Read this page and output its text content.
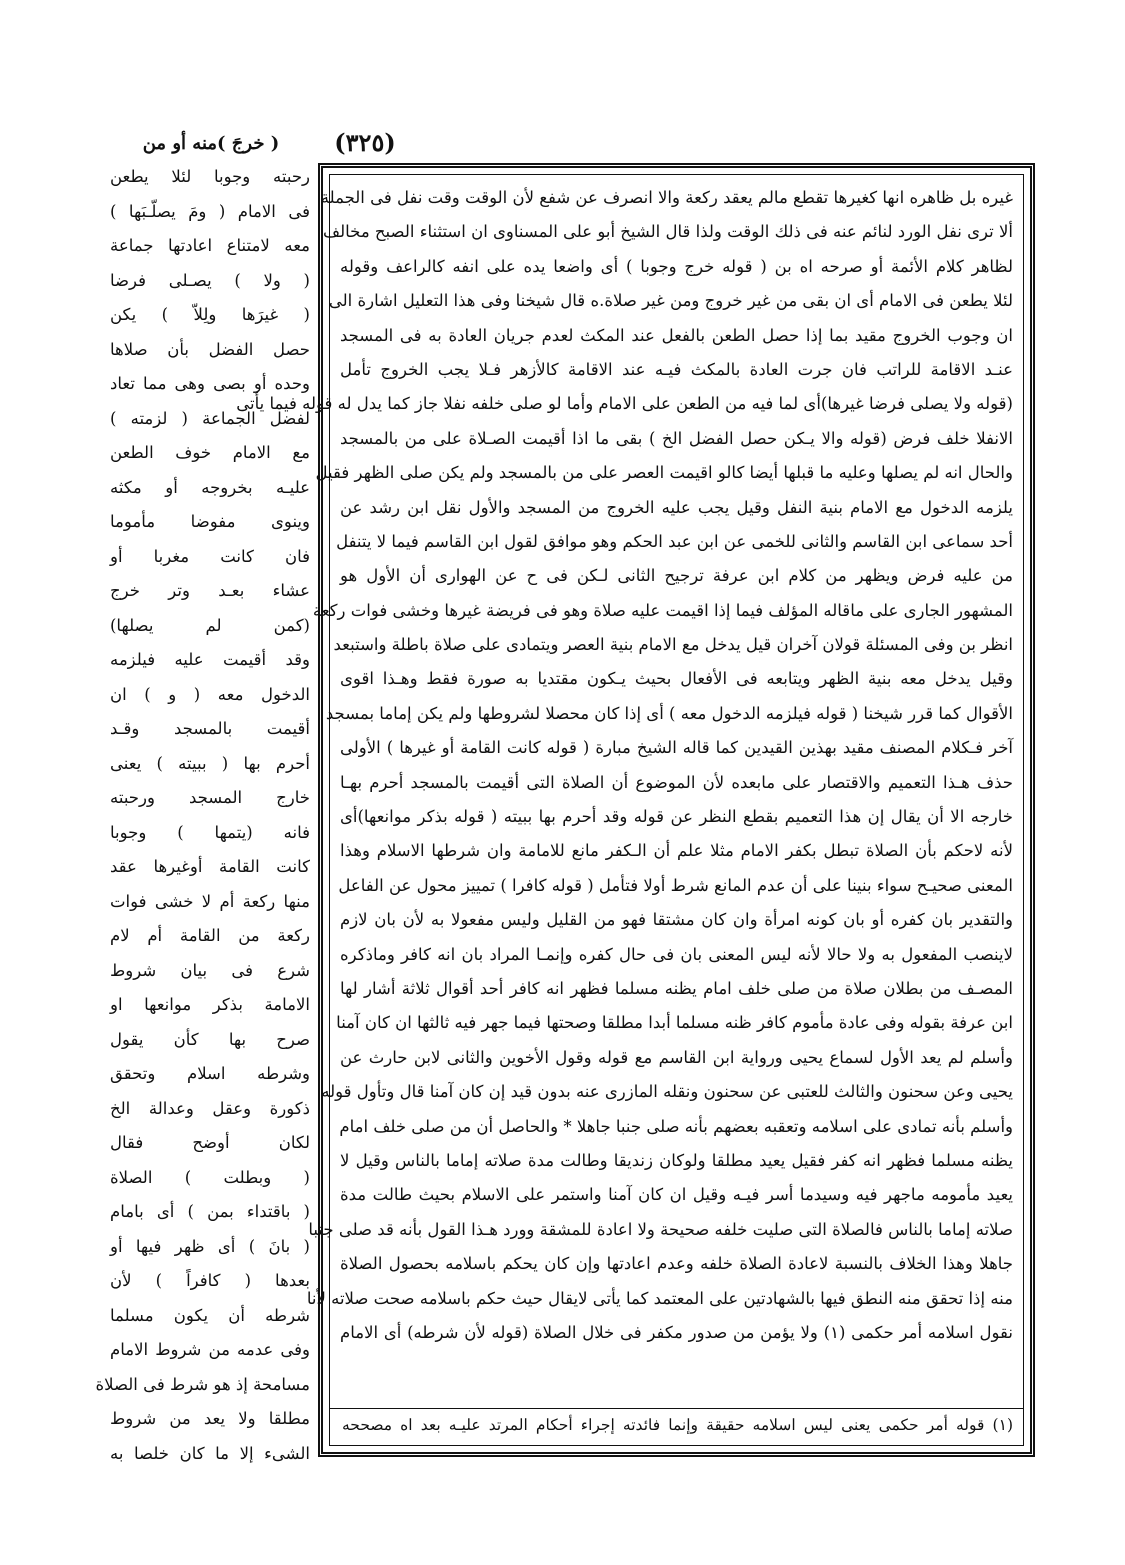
(٣٢٥)
( خرجَ )منه أو من
رحبته وجوبا لئلا يطعن
فى الامام ( ومَ يصلّـبَها )
معه لامتناع اعادتها جماعة
( ولا ) يصـلى فرضا
( غيرَها ولِلاّ ) يكن
حصل الفضل بأن صلاها
وحده أو بصى وهى مما تعاد
لفضل الجماعة ( لزمته )
مع الامام خوف الطعن
عليـه بخروجه أو مكثه
وينوى مفوضا مأموما
فان كانت مغربا أو
عشاء بعـد وتر خرج
(كمن لم يصلها)
وقد أقيمت عليه فيلزمه
الدخول معه ( و ) ان
أقيمت بالمسجد وقـد
أحرم بها ( ببيته ) يعنى
خارج المسجد ورحبته
فانه (يتمها ) وجوبا
كانت القامة أوغيرها عقد
منها ركعة أم لا خشى فوات
ركعة من القامة أم لام
شرع فى بيان شروط
الامامة بذكر موانعها او
صرح بها كأن يقول
وشرطه اسلام وتحقق
ذكورة وعقل وعدالة الخ
لكان أوضح فقال
( وبطلت ) الصلاة
( باقتداء بمن ) أى بامام
( بانَ ) أى ظهر فيها أو
بعدها ( كافراً ) لأن
شرطه أن يكون مسلما
وفى عدمه من شروط الامام
مسامحة إذ هو شرط فى الصلاة
مطلقا ولا يعد من شروط
الشىء إلا ما كان خلصا به
غيره بل ظاهره انها كغيرها تقطع مالم يعقد ركعة والا انصرف عن شفع لأن الوقت وقت نفل فى الجملة
ألا ترى نفل الورد لنائم عنه فى ذلك الوقت ولذا قال الشيخ أبو على المسناوى ان استثناء الصبح مخالف
لظاهر كلام الأئمة أو صرحه اه بن ( قوله خرج وجوبا ) أى واضعا يده على انفه كالراعف وقوله
لئلا يطعن فى الامام أى ان بقى من غير خروج ومن غير صلاة.ه قال شيخنا وفى هذا التعليل اشارة الى
ان وجوب الخروج مقيد بما إذا حصل الطعن بالفعل عند المكث لعدم جريان العادة به فى المسجد
عنـد الاقامة للراتب فان جرت العادة بالمكث فيـه عند الاقامة كالأزهر فـلا يجب الخروج تأمل
(قوله ولا يصلى فرضا غيرها)أى لما فيه من الطعن على الامام وأما لو صلى خلفه نفلا جاز كما يدل له قوله فيما يأتى
الانفلا خلف فرض (قوله والا يـكن حصل الفضل الخ ) بقى ما اذا أقيمت الصـلاة على من بالمسجد
والحال انه لم يصلها وعليه ما قبلها أيضا كالو اقيمت العصر على من بالمسجد ولم يكن صلى الظهر فقيل
يلزمه الدخول مع الامام بنية النفل وقيل يجب عليه الخروج من المسجد والأول نقل ابن رشد عن
أحد سماعى ابن القاسم والثانى للخمى عن ابن عبد الحكم وهو موافق لقول ابن القاسم فيما لا يتنفل
من عليه فرض ويظهر من كلام ابن عرفة ترجيح الثانى لـكن فى ح عن الهوارى أن الأول هو
المشهور الجارى على ماقاله المؤلف فيما إذا اقيمت عليه صلاة وهو فى فريضة غيرها وخشى فوات ركعة
انظر بن وفى المسئلة قولان آخران قيل يدخل مع الامام بنية العصر ويتمادى على صلاة باطلة واستبعد
وقيل يدخل معه بنية الظهر ويتابعه فى الأفعال بحيث يـكون مقتديا به صورة فقط وهـذا اقوى
الأقوال كما قرر شيخنا ( قوله فيلزمه الدخول معه ) أى إذا كان محصلا لشروطها ولم يكن إماما بمسجد
آخر فـكلام المصنف مقيد بهذين القيدين كما قاله الشيخ مبارة ( قوله كانت القامة أو غيرها ) الأولى
حذف هـذا التعميم والاقتصار على مابعده لأن الموضوع أن الصلاة التى أقيمت بالمسجد أحرم بهـا
خارجه الا أن يقال إن هذا التعميم بقطع النظر عن قوله وقد أحرم بها ببيته ( قوله بذكر موانعها)أى
لأنه لاحكم بأن الصلاة تبطل بكفر الامام مثلا علم أن الـكفر مانع للامامة وان شرطها الاسلام وهذا
المعنى صحيـح سواء بنينا على أن عدم المانع شرط أولا فتأمل ( قوله كافرا ) تمييز محول عن الفاعل
والتقدير بان كفره أو بان كونه امرأة وان كان مشتقا فهو من القليل وليس مفعولا به لأن بان لازم
لاينصب المفعول به ولا حالا لأنه ليس المعنى بان فى حال كفره وإنمـا المراد بان انه كافر وماذكره
المصـف من بطلان صلاة من صلى خلف امام يظنه مسلما فظهر انه كافر أحد أقوال ثلاثة أشار لها
ابن عرفة بقوله وفى عادة مأموم كافر ظنه مسلما أبدا مطلقا وصحتها فيما جهر فيه ثالثها ان كان آمنا
وأسلم لم يعد الأول لسماع يحيى ورواية ابن القاسم مع قوله وقول الأخوين والثانى لابن حارث عن
يحيى وعن سحنون والثالث للعتبى عن سحنون ونقله المازرى عنه بدون قيد إن كان آمنا قال وتأول قوله
وأسلم بأنه تمادى على اسلامه وتعقبه بعضهم بأنه صلى جنبا جاهلا * والحاصل أن من صلى خلف امام
يظنه مسلما فظهر انه كفر فقيل يعيد مطلقا ولوكان زنديقا وطالت مدة صلاته إماما بالناس وقيل لا
يعيد مأمومه ماجهر فيه وسيدما أسر فيـه وقيل ان كان آمنا واستمر على الاسلام بحيث طالت مدة
صلاته إماما بالناس فالصلاة التى صليت خلفه صحيحة ولا اعادة للمشقة وورد هـذا القول بأنه قد صلى جنبا
جاهلا وهذا الخلاف بالنسبة لاعادة الصلاة خلفه وعدم اعادتها وإن كان يحكم باسلامه بحصول الصلاة
منه إذا تحقق منه النطق فيها بالشهادتين على المعتمد كما يأتى لايقال حيث حكم باسلامه صحت صلاته لأنا
نقول اسلامه أمر حكمى (١) ولا يؤمن من صدور مكفر فى خلال الصلاة (قوله لأن شرطه) أى الامام
(١) قوله أمر حكمى يعنى ليس اسلامه حقيقة وإنما فائدته إجراء أحكام المرتد عليـه بعد اه مصححه
